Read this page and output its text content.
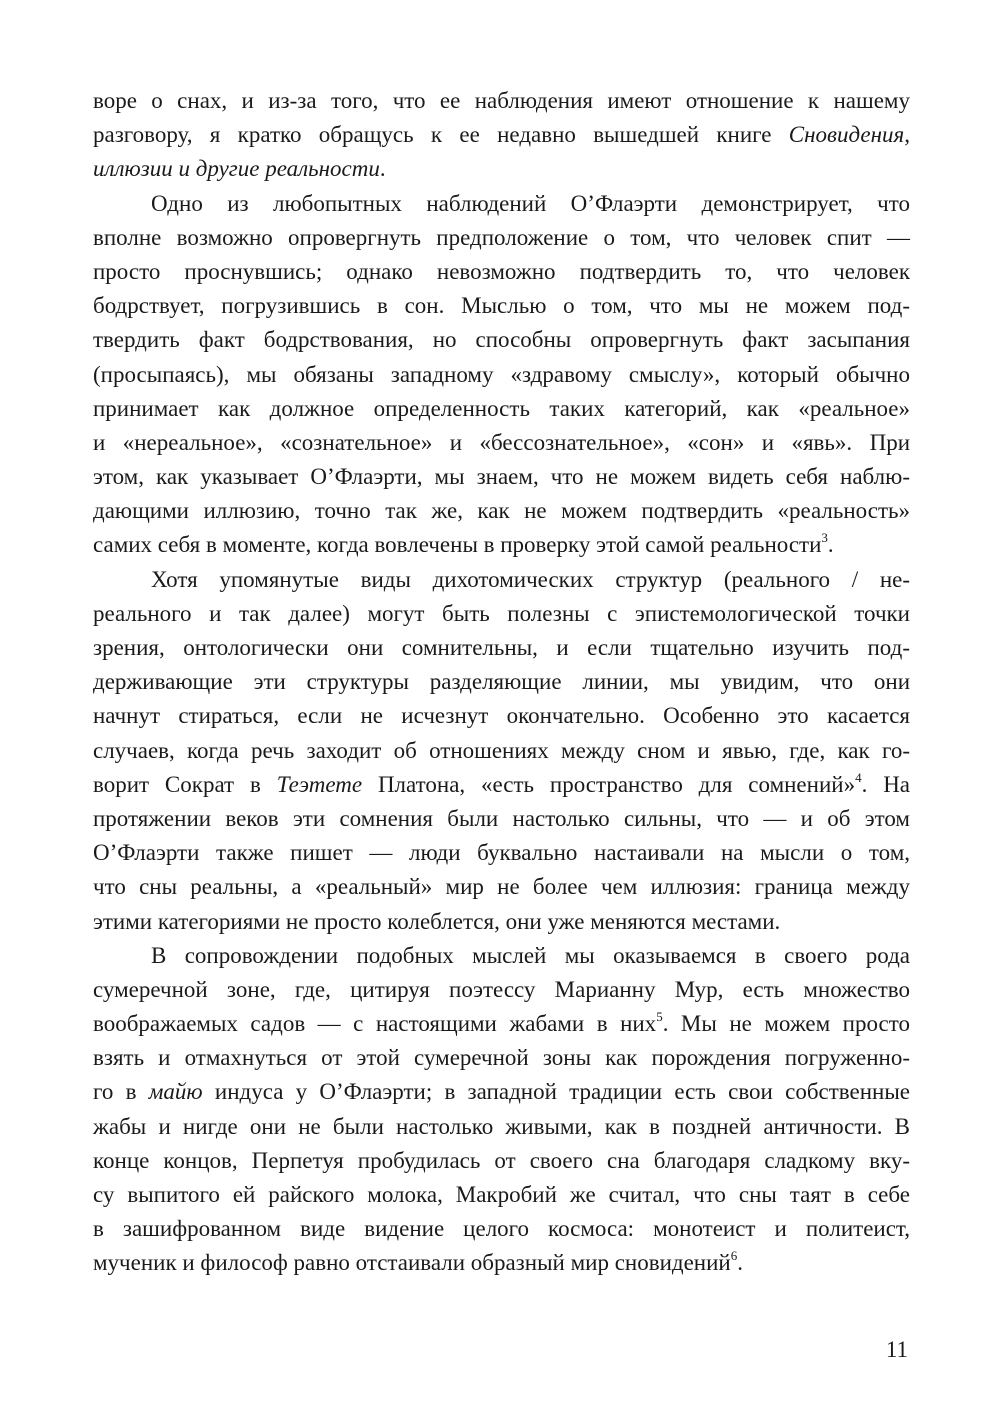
воре о снах, и из-за того, что ее наблюдения имеют отношение к нашему
разговору, я кратко обращусь к ее недавно вышедшей книге Сновидения,
иллюзии и другие реальности.
Одно из любопытных наблюдений О’Флаэрти демонстрирует, что
вполне возможно опровергнуть предположение о том, что человек спит —
просто проснувшись; однако невозможно подтвердить то, что человек
бодрствует, погрузившись в сон. Мыслью о том, что мы не можем под-
твердить факт бодрствования, но способны опровергнуть факт засыпания
(просыпаясь), мы обязаны западному «здравому смыслу», который обычно
принимает как должное определенность таких категорий, как «реальное»
и «нереальное», «сознательное» и «бессознательное», «сон» и «явь». При
этом, как указывает О’Флаэрти, мы знаем, что не можем видеть себя наблю-
дающими иллюзию, точно так же, как не можем подтвердить «реальность»
самих себя в моменте, когда вовлечены в проверку этой самой реальности$^3$.
Хотя упомянутые виды дихотомических структур (реального / не-
реального и так далее) могут быть полезны с эпистемологической точки
зрения, онтологически они сомнительны, и если тщательно изучить под-
держивающие эти структуры разделяющие линии, мы увидим, что они
начнут стираться, если не исчезнут окончательно. Особенно это касается
случаев, когда речь заходит об отношениях между сном и явью, где, как го-
ворит Сократ в Теэтете Платона, «есть пространство для сомнений»$^4$. На
протяжении веков эти сомнения были настолько сильны, что — и об этом
О’Флаэрти также пишет — люди буквально настаивали на мысли о том,
что сны реальны, а «реальный» мир не более чем иллюзия: граница между
этими категориями не просто колеблется, они уже меняются местами.
В сопровождении подобных мыслей мы оказываемся в своего рода
сумеречной зоне, где, цитируя поэтессу Марианну Мур, есть множество
воображаемых садов — с настоящими жабами в них$^5$. Мы не можем просто
взять и отмахнуться от этой сумеречной зоны как порождения погруженно-
го в майю индуса у О’Флаэрти; в западной традиции есть свои собственные
жабы и нигде они не были настолько живыми, как в поздней античности. В
конце концов, Перпетуя пробудилась от своего сна благодаря сладкому вку-
су выпитого ей райского молока, Макробий же считал, что сны таят в себе
в зашифрованном виде видение целого космоса: монотеист и политеист,
мученик и философ равно отстаивали образный мир сновидений$^6$.
11
